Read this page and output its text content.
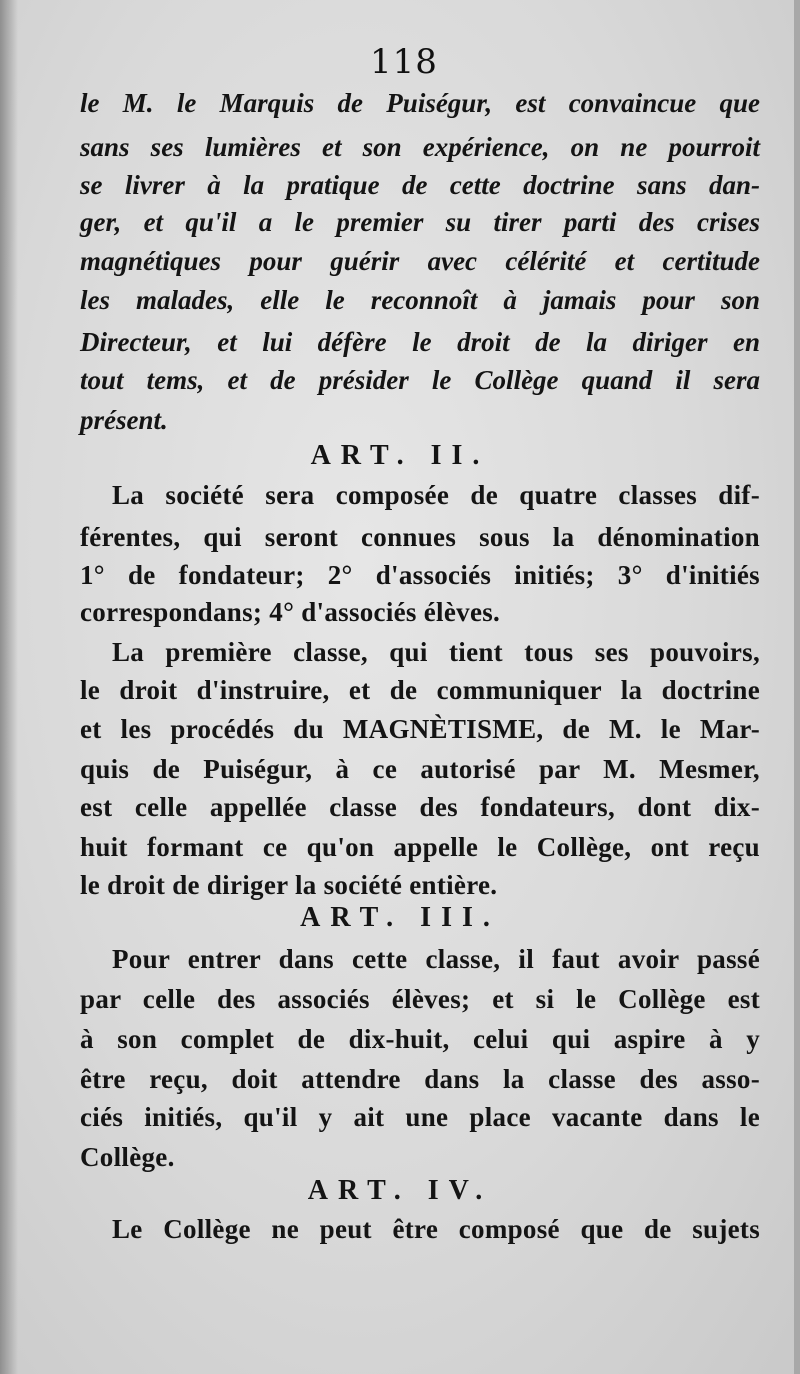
118

le M. le Marquis de Puiségur, est convaincue que

sans ses lumières et son expérience, on ne pourroit

se livrer à la pratique de cette doctrine sans dan-

ger, et qu'il a le premier su tirer parti des crises

magnétiques pour guérir avec célérité et certitude

les malades, elle le reconnoît à jamais pour son

Directeur, et lui défère le droit de la diriger en

tout tems, et de présider le Collège quand il sera

présent.

ART. II.

La société sera composée de quatre classes dif-

férentes, qui seront connues sous la dénomination

1° de fondateur; 2° d'associés initiés; 3° d'initiés

correspondans; 4° d'associés élèves.

La première classe, qui tient tous ses pouvoirs,

le droit d'instruire, et de communiquer la doctrine

et les procédés du MAGNÈTISME, de M. le Mar-

quis de Puiségur, à ce autorisé par M. Mesmer,

est celle appellée classe des fondateurs, dont dix-

huit formant ce qu'on appelle le Collège, ont reçu

le droit de diriger la société entière.

ART. III.

Pour entrer dans cette classe, il faut avoir passé

par celle des associés élèves; et si le Collège est

à son complet de dix-huit, celui qui aspire à y

être reçu, doit attendre dans la classe des asso-

ciés initiés, qu'il y ait une place vacante dans le

Collège.

ART. IV.

Le Collège ne peut être composé que de sujets
